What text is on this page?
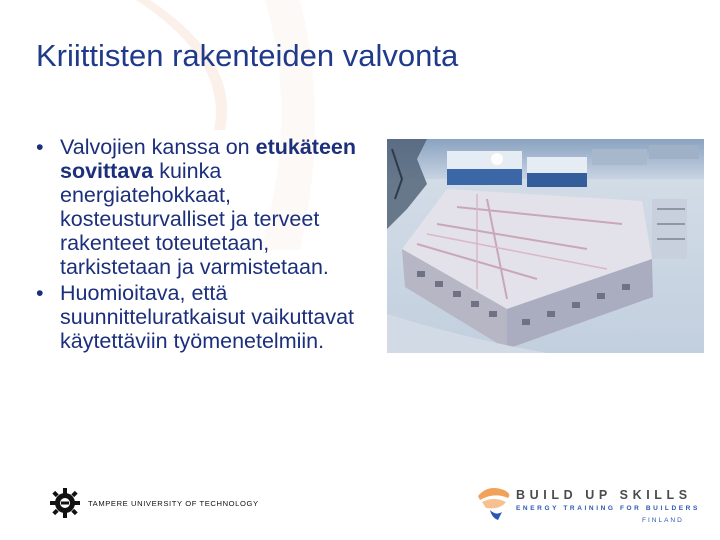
Kriittisten rakenteiden valvonta
• Valvojien kanssa on etukäteen sovittava kuinka energiatehokkaat, kosteusturvalliset ja terveet rakenteet toteutetaan, tarkistetaan ja varmistetaan.
• Huomioitava, että suunnitteluratkaisut vaikuttavat käytettäviin työmenetelmiin.
TAMPERE UNIVERSITY OF TECHNOLOGY
BUILD UP SKILLS
ENERGY TRAINING FOR BUILDERS
FINLAND
